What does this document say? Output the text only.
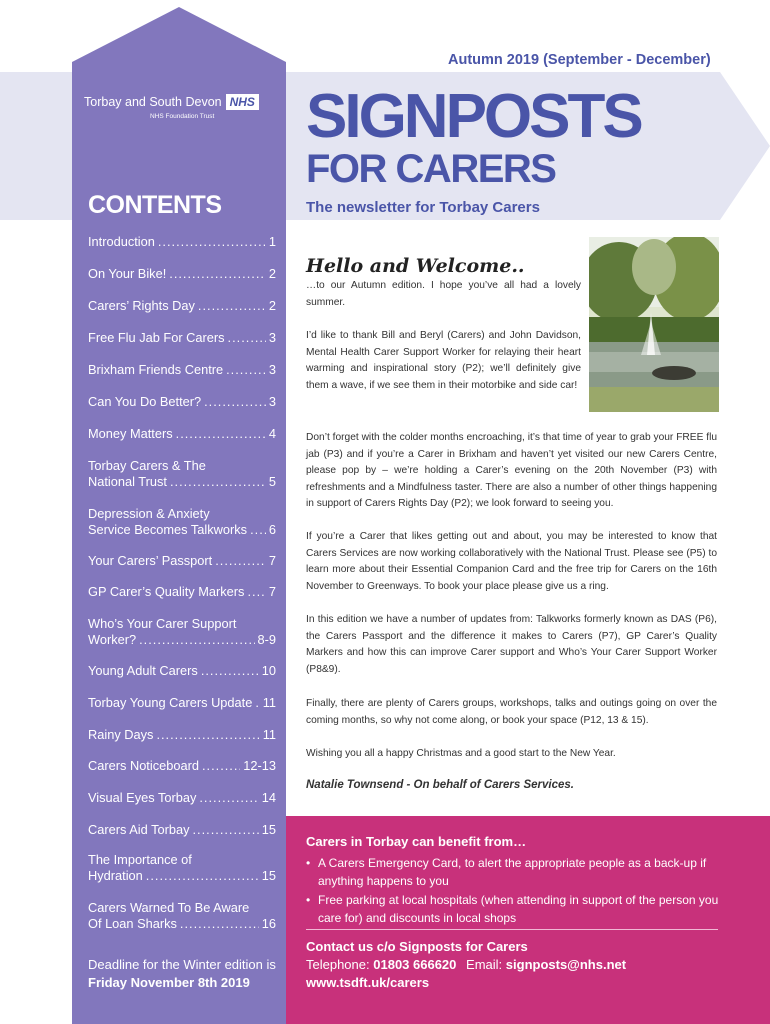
Torbay and South Devon NHS
NHS Foundation Trust
CONTENTS
Introduction .....	1
On Your Bike! .....	2
Carers’ Rights Day .....	2
Free Flu Jab For Carers .....	3
Brixham Friends Centre .....	3
Can You Do Better? .....	3
Money Matters .....	4
Torbay Carers & The
National Trust .....	5
Depression & Anxiety
Service Becomes Talkworks ..... 6
Your Carers’ Passport .....	7
GP Carer’s Quality Markers ..... 7
Who’s Your Carer Support
Worker? .....	8-9
Young Adult Carers .....	10
Torbay Young Carers Update ..... 11
Rainy Days .....	11
Carers Noticeboard .....	12-13
Visual Eyes Torbay .....	14
Carers Aid Torbay .....	15
The Importance of
Hydration .....	15
Carers Warned To Be Aware
Of Loan Sharks .....	16
Deadline for the Winter edition is
Friday November 8th 2019
Autumn 2019 (September - December)
SIGNPOSTS
FOR CARERS
The newsletter for Torbay Carers
Hello and Welcome..
…to our Autumn edition. I hope you’ve all had a lovely summer.
I’d like to thank Bill and Beryl (Carers) and John Davidson, Mental Health Carer Support Worker for relaying their heart warming and inspirational story (P2); we’ll definitely give them a wave, if we see them in their motorbike and side car!
Don’t forget with the colder months encroaching, it’s that time of year to grab your FREE flu jab (P3) and if you’re a Carer in Brixham and haven’t yet visited our new Carers Centre, please pop by – we’re holding a Carer’s evening on the 20th November (P3) with refreshments and a Mindfulness taster. There are also a number of other things happening in support of Carers Rights Day (P2); we look forward to seeing you.
If you’re a Carer that likes getting out and about, you may be interested to know that Carers Services are now working collaboratively with the National Trust. Please see (P5) to learn more about their Essential Companion Card and the free trip for Carers on the 16th November to Greenways. To book your place please give us a ring.
In this edition we have a number of updates from: Talkworks formerly known as DAS (P6), the Carers Passport and the difference it makes to Carers (P7), GP Carer’s Quality Markers and how this can improve Carer support and Who’s Your Carer Support Worker (P8&9).
Finally, there are plenty of Carers groups, workshops, talks and outings going on over the coming months, so why not come along, or book your space (P12, 13 & 15).
Wishing you all a happy Christmas and a good start to the New Year.
Natalie Townsend - On behalf of Carers Services.
Carers in Torbay can benefit from…
• A Carers Emergency Card, to alert the appropriate people as a back-up if anything happens to you
• Free parking at local hospitals (when attending in support of the person you care for) and discounts in local shops
Contact us c/o Signposts for Carers
Telephone: 01803 666620 Email: signposts@nhs.net
www.tsdft.uk/carers
